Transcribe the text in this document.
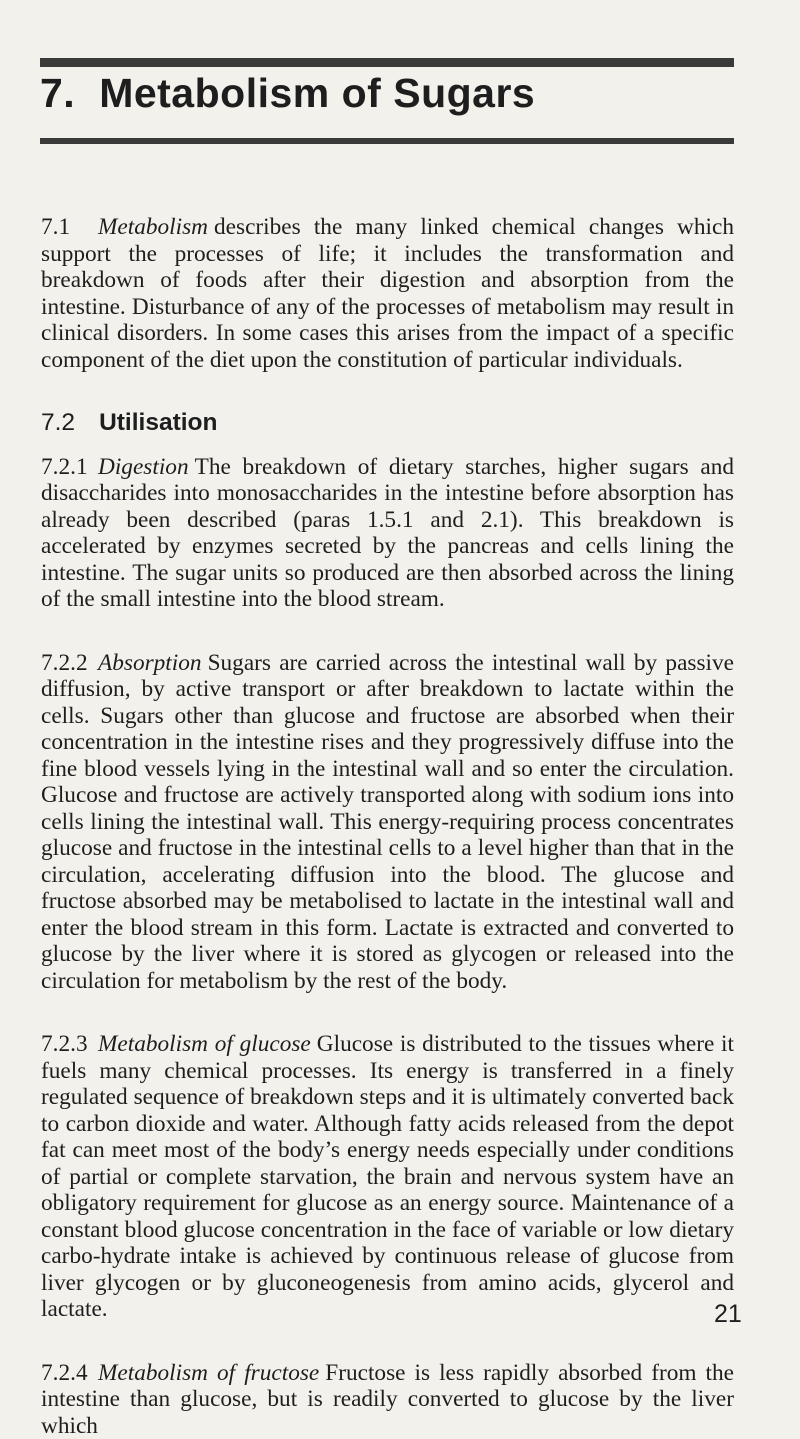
7. Metabolism of Sugars

7.1 Metabolism describes the many linked chemical changes which support the processes of life; it includes the transformation and breakdown of foods after their digestion and absorption from the intestine. Disturbance of any of the processes of metabolism may result in clinical disorders. In some cases this arises from the impact of a specific component of the diet upon the constitution of particular individuals.

7.2 Utilisation

7.2.1 Digestion The breakdown of dietary starches, higher sugars and disaccharides into monosaccharides in the intestine before absorption has already been described (paras 1.5.1 and 2.1). This breakdown is accelerated by enzymes secreted by the pancreas and cells lining the intestine. The sugar units so produced are then absorbed across the lining of the small intestine into the blood stream.

7.2.2 Absorption Sugars are carried across the intestinal wall by passive diffusion, by active transport or after breakdown to lactate within the cells. Sugars other than glucose and fructose are absorbed when their concentration in the intestine rises and they progressively diffuse into the fine blood vessels lying in the intestinal wall and so enter the circulation. Glucose and fructose are actively transported along with sodium ions into cells lining the intestinal wall. This energy-requiring process concentrates glucose and fructose in the intestinal cells to a level higher than that in the circulation, accelerating diffusion into the blood. The glucose and fructose absorbed may be metabolised to lactate in the intestinal wall and enter the blood stream in this form. Lactate is extracted and converted to glucose by the liver where it is stored as glycogen or released into the circulation for metabolism by the rest of the body.

7.2.3 Metabolism of glucose Glucose is distributed to the tissues where it fuels many chemical processes. Its energy is transferred in a finely regulated sequence of breakdown steps and it is ultimately converted back to carbon dioxide and water. Although fatty acids released from the depot fat can meet most of the body’s energy needs especially under conditions of partial or complete starvation, the brain and nervous system have an obligatory requirement for glucose as an energy source. Maintenance of a constant blood glucose concentration in the face of variable or low dietary carbo-hydrate intake is achieved by continuous release of glucose from liver glycogen or by gluconeogenesis from amino acids, glycerol and lactate.

7.2.4 Metabolism of fructose Fructose is less rapidly absorbed from the intestine than glucose, but is readily converted to glucose by the liver which

21
